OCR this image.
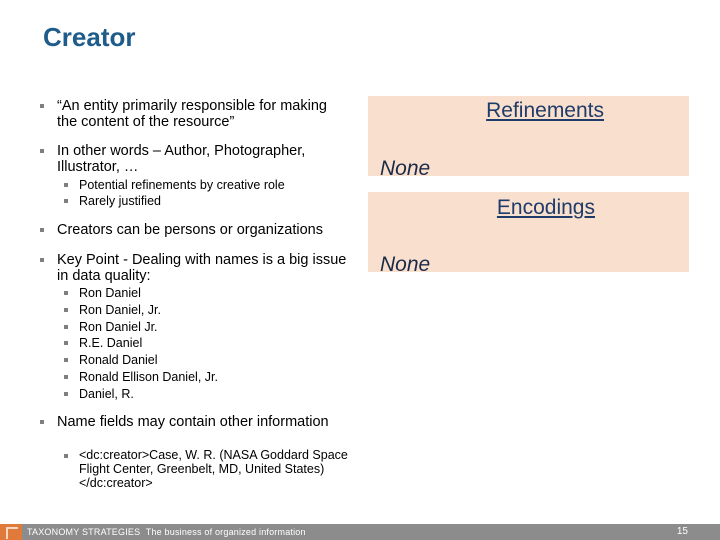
Creator
“An entity primarily responsible for making the content of the resource”
In other words – Author, Photographer, Illustrator, …
Potential refinements by creative role
Rarely justified
Creators can be persons or organizations
Key Point - Dealing with names is a big issue in data quality:
Ron Daniel
Ron Daniel, Jr.
Ron Daniel Jr.
R.E. Daniel
Ronald Daniel
Ronald Ellison Daniel, Jr.
Daniel, R.
Name fields may contain other information
<dc:creator>Case, W. R. (NASA Goddard Space Flight Center, Greenbelt, MD, United States)</dc:creator>
Refinements
None
Encodings
None
TAXONOMY STRATEGIES The business of organized information	15
